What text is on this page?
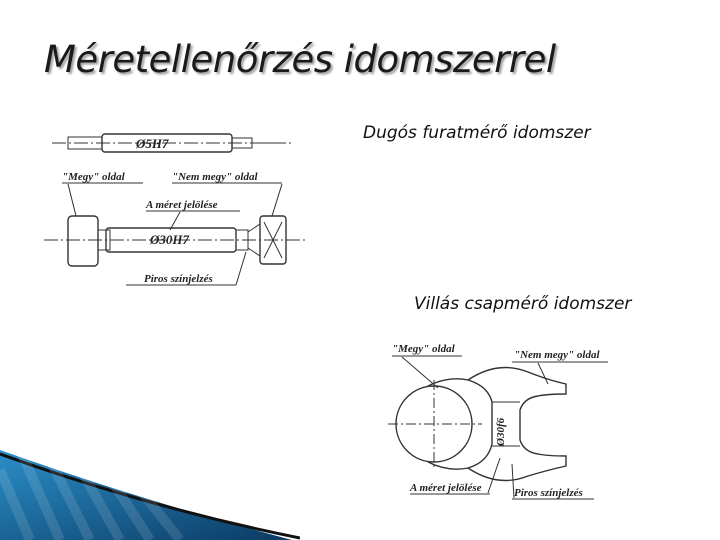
Méretellenőrzés idomszerrel
Dugós furatmérő idomszer
Villás csapmérő idomszer
Ø5H7
"Megy" oldal	"Nem megy" oldal
A méret jelölése
Ø30H7
Piros színjelzés
"Megy" oldal	"Nem megy" oldal
Ø30f6
A méret jelölése	Piros színjelzés
